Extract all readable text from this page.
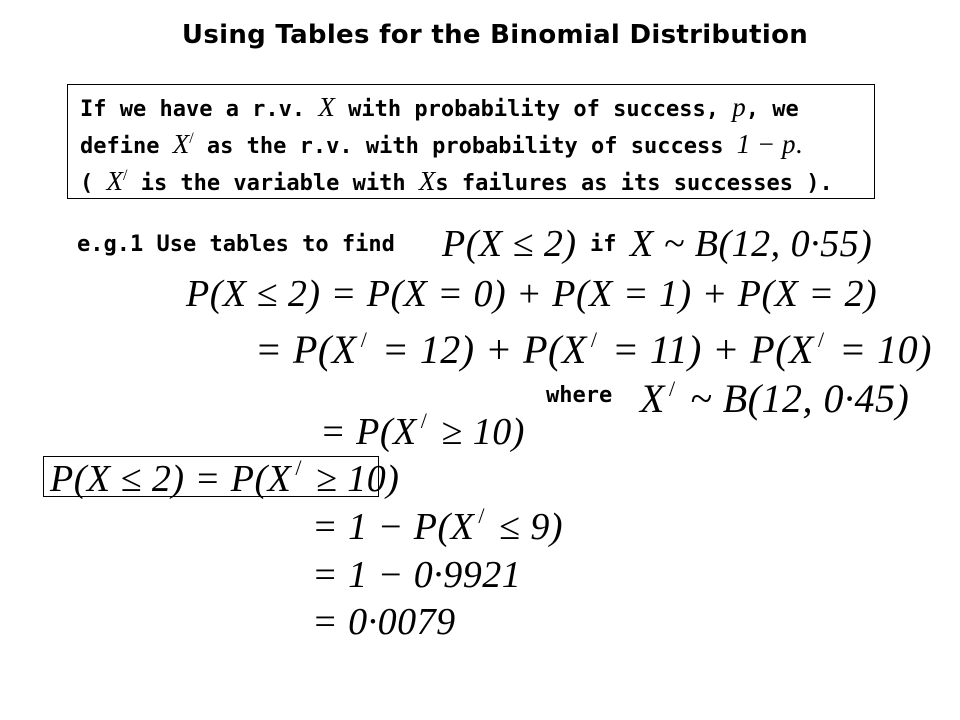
Using Tables for the Binomial Distribution
If we have a r.v. X with probability of success, p, we
define X/ as the r.v. with probability of success 1 − p.
( X/ is the variable with Xs failures as its successes ).
e.g.1 Use tables to find P(X ≤ 2) if X ~ B(12, 0·55)
P(X ≤ 2) = P(X = 0) + P(X = 1) + P(X = 2)
= P(X / = 12) + P(X / = 11) + P(X / = 10)
where X / ~ B(12, 0·45)
= P(X / ≥ 10)
P(X ≤ 2) = P(X / ≥ 10)
= 1 − P(X / ≤ 9)
= 1 − 0·9921
= 0·0079
